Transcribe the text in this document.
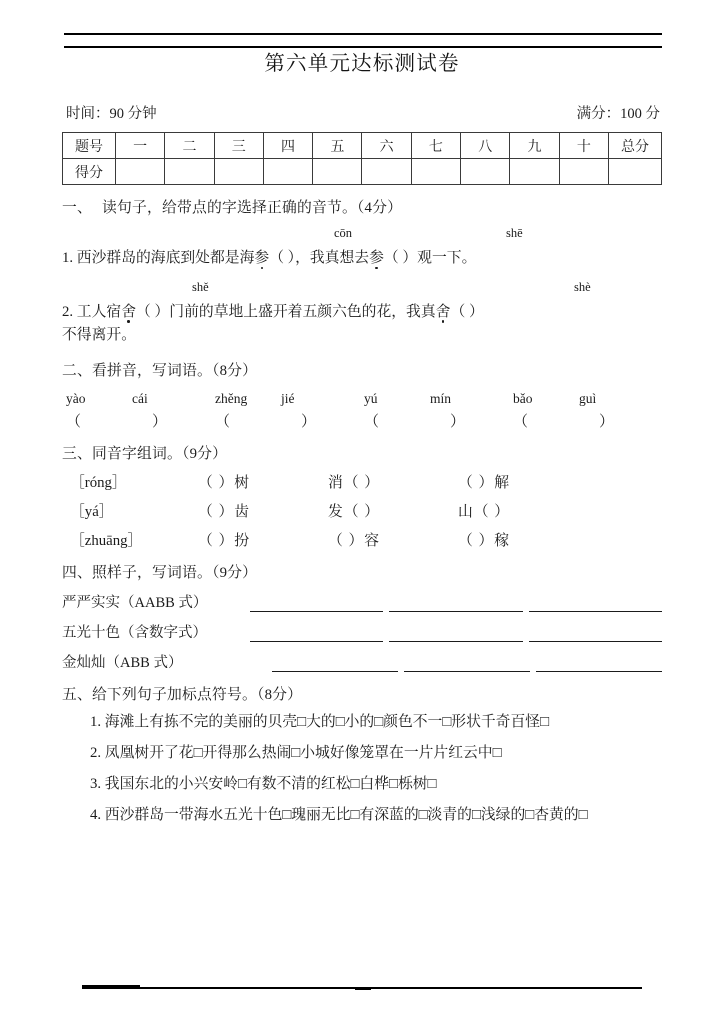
第六单元达标测试卷
时间：90 分钟	满分：100 分
题号	一	二	三	四	五	六	七	八	九	十	总分
得分											
一、 读句子，给带点的字选择正确的音节。（4分）
cōn	shē
1. 西沙群岛的海底到处都是海参（ ），我真想去参（ ）观一下。
shě	shè
2. 工人宿舍（ ）门前的草地上盛开着五颜六色的花，我真舍（ ）
不得离开。
二、看拼音，写词语。（8分）
yào	cái	zhěng	jié	yú	mín	bǎo	guì
（	）	（	）	（	）	（	）
三、同音字组词。（9分）
［róng］	（ ）树	消（ ）	（ ）解
［yá］	（ ）齿	发（ ）	山（ ）
［zhuāng］	（ ）扮	（ ）容	（ ）稼
四、照样子，写词语。（9分）
严严实实（AABB 式）
五光十色（含数字式）
金灿灿（ABB 式）
五、给下列句子加标点符号。（8分）
1. 海滩上有拣不完的美丽的贝壳□大的□小的□颜色不一□形状千奇百怪□
2. 凤凰树开了花□开得那么热闹□小城好像笼罩在一片片红云中□
3. 我国东北的小兴安岭□有数不清的红松□白桦□栎树□
4. 西沙群岛一带海水五光十色□瑰丽无比□有深蓝的□淡青的□浅绿的□杏黄的□
